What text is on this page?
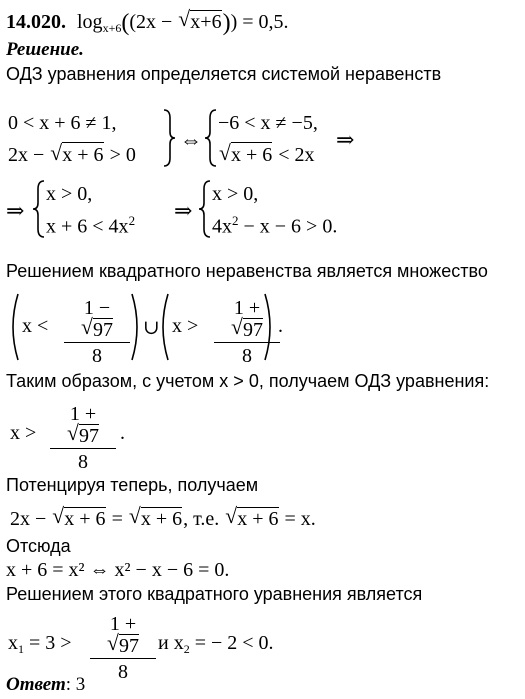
14.020. $\log_{x+6}((2x$ − √ x+6)) = 0,5.
Решение.
ОДЗ уравнения определяется системой неравенств
0 < x + 6 ≠ 1,
2x − √ x + 6 > 0
⇔
−6 < x ≠ −5,
√ x + 6 < 2x
⇒
⇒
x > 0,
$x + 6 < 4x^2$ ⇒
x > 0,
$4x^2 - x - 6 > 0$.
Решением квадратного неравенства является множество
$x < \frac{1 - √ 97}{8}$ ∪ $x > \frac{1 + √ 97}{8}$
.
Таким образом, с учетом x > 0, получаем ОДЗ уравнения:
$x > \frac{1 + √ 97}{8}$ .
Потенцируя теперь, получаем
2x − √ x + 6 = √ x + 6, т.е. √ x + 6 = x.
Отсюда
x + 6 = x² ⇔ x² − x − 6 = 0.
Решением этого квадратного уравнения является
$x_1 = 3 > \frac{1 + √ 97}{8}$ и $x_2$ = − 2 < 0.
Ответ: 3
